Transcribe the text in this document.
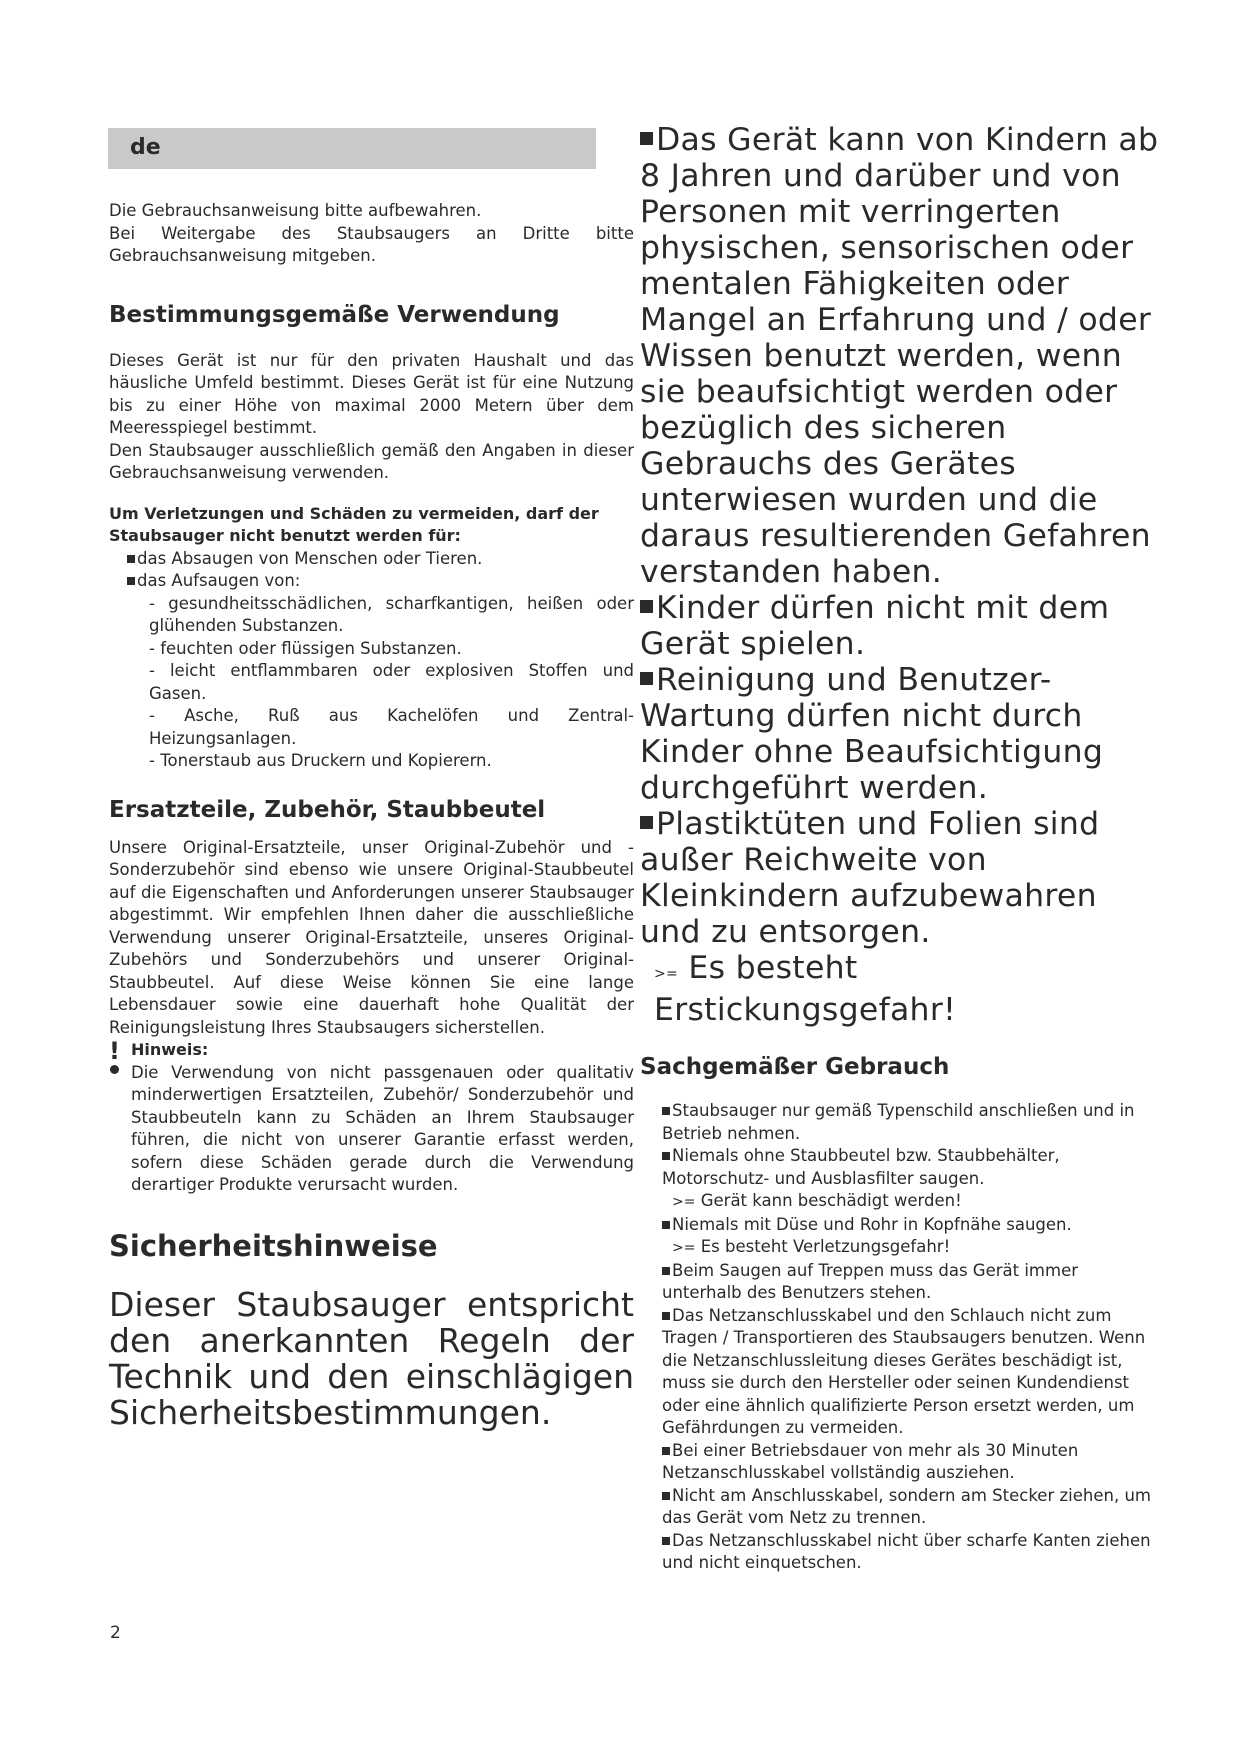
de

Die Gebrauchsanweisung bitte aufbewahren.

Bei Weitergabe des Staubsaugers an Dritte bitte Gebrauchsanweisung mitgeben.

Bestimmungsgemäße Verwendung

Dieses Gerät ist nur für den privaten Haushalt und das häusliche Umfeld bestimmt. Dieses Gerät ist für eine Nutzung bis zu einer Höhe von maximal 2000 Metern über dem Meeresspiegel bestimmt.

Den Staubsauger ausschließlich gemäß den Angaben in dieser Gebrauchsanweisung verwenden.

Um Verletzungen und Schäden zu vermeiden, darf der Staubsauger nicht benutzt werden für:

das Absaugen von Menschen oder Tieren.

das Aufsaugen von:

- gesundheitsschädlichen, scharfkantigen, heißen oder glühenden Substanzen.

- feuchten oder flüssigen Substanzen.

- leicht entflammbaren oder explosiven Stoffen und Gasen.

- Asche, Ruß aus Kachelöfen und Zentral-Heizungsanlagen.

- Tonerstaub aus Druckern und Kopierern.

Ersatzteile, Zubehör, Staubbeutel

Unsere Original-Ersatzteile, unser Original-Zubehör und -Sonderzubehör sind ebenso wie unsere Original-Staubbeutel auf die Eigenschaften und Anforderungen unserer Staubsauger abgestimmt. Wir empfehlen Ihnen daher die ausschließliche Verwendung unserer Original-Ersatzteile, unseres Original-Zubehörs und Sonderzubehörs und unserer Original-Staubbeutel. Auf diese Weise können Sie eine lange Lebensdauer sowie eine dauerhaft hohe Qualität der Reinigungsleistung Ihres Staubsaugers sicherstellen.

! Hinweis:

Die Verwendung von nicht passgenauen oder qualitativ minderwertigen Ersatzteilen, Zubehör/ Sonderzubehör und Staubbeuteln kann zu Schäden an Ihrem Staubsauger führen, die nicht von unserer Garantie erfasst werden, sofern diese Schäden gerade durch die Verwendung derartiger Produkte verursacht wurden.

Sicherheitshinweise

Dieser Staubsauger entspricht den anerkannten Regeln der Technik und den einschlägigen Sicherheitsbestimmungen.

Das Gerät kann von Kindern ab 8 Jahren und darüber und von Personen mit verringerten physischen, sensorischen oder mentalen Fähigkeiten oder Mangel an Erfahrung und / oder Wissen benutzt werden, wenn sie beaufsichtigt werden oder bezüglich des sicheren Gebrauchs des Gerätes unterwiesen wurden und die daraus resultierenden Gefahren verstanden haben.

Kinder dürfen nicht mit dem Gerät spielen.

Reinigung und Benutzer-Wartung dürfen nicht durch Kinder ohne Beaufsichtigung durchgeführt werden.

Plastiktüten und Folien sind außer Reichweite von Kleinkindern aufzubewahren und zu entsorgen.

>= Es besteht Erstickungsgefahr!

Sachgemäßer Gebrauch

Staubsauger nur gemäß Typenschild anschließen und in Betrieb nehmen.

Niemals ohne Staubbeutel bzw. Staubbehälter, Motorschutz- und Ausblasfilter saugen.

>= Gerät kann beschädigt werden!

Niemals mit Düse und Rohr in Kopfnähe saugen.

>= Es besteht Verletzungsgefahr!

Beim Saugen auf Treppen muss das Gerät immer unterhalb des Benutzers stehen.

Das Netzanschlusskabel und den Schlauch nicht zum Tragen / Transportieren des Staubsaugers benutzen. Wenn die Netzanschlussleitung dieses Gerätes beschädigt ist, muss sie durch den Hersteller oder seinen Kundendienst oder eine ähnlich qualifizierte Person ersetzt werden, um Gefährdungen zu vermeiden.

Bei einer Betriebsdauer von mehr als 30 Minuten Netzanschlusskabel vollständig ausziehen.

Nicht am Anschlusskabel, sondern am Stecker ziehen, um das Gerät vom Netz zu trennen.

Das Netzanschlusskabel nicht über scharfe Kanten ziehen und nicht einquetschen.

2
